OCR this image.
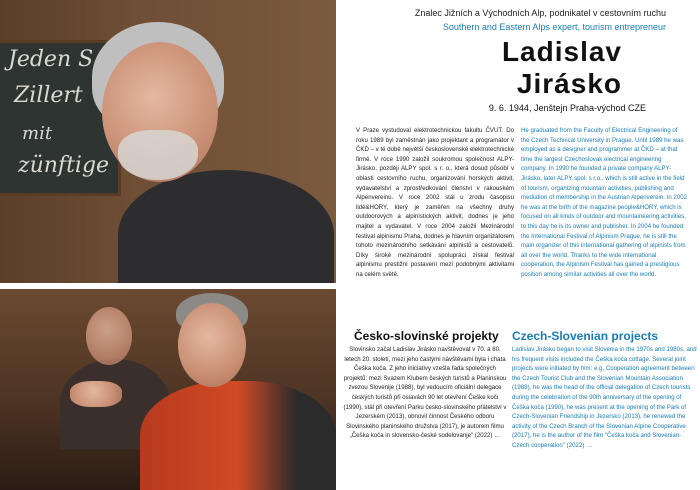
Jeden S
Zillert
mit
zünftige
Znalec Jižních a Východních Alp, podnikatel v cestovním ruchu
Southern and Eastern Alps expert, tourism entrepreneur
Ladislav
Jirásko
9. 6. 1944, Jenštejn Praha-východ CZE
V Praze vystudoval elektrotechnickou fakultu ČVUT. Do roku 1989 byl zaměstnán jako projektant a programátor v ČKD – v té době největší československé elektrotechnické firmě. V roce 1990 založil soukromou společnost ALPY-Jirásko, později ALPY spol. s r. o., která dosud působí v oblasti cestovního ruchu, organizování horských aktivit, vydavatelství a zprostředkování členství v rakouském Alpenvereinu. V roce 2002 stál u zrodu časopisu lidé&HORY, který je zaměřen na všechny druhy outdoorových a alpinistických aktivit, dodnes je jeho majitel a vydavatel. V roce 2004 založil Mezinárodní festival alpinismu Praha, dodnes je hlavním organizátorem tohoto mezinárodního setkávání alpinistů a cestovatelů. Díky široké mezinárodní spolupráci získal festival alpinismu prestižní postavení mezi podobnými aktivitami na celém světě.
He graduated from the Faculty of Electrical Engineering of the Czech Technical University in Prague. Until 1989 he was employed as a designer and programmer at ČKD – at that time the largest Czechoslovak electrical engineering company. In 1990 he founded a private company ALPY-Jirásko, later ALPY spol. s r.o., which is still active in the field of tourism, organizing mountain activities, publishing and mediation of membership in the Austrian Alpenverein. In 2002 he was at the birth of the magazine people&HORY, which is focused on all kinds of outdoor and mountaineering activities, to this day he is its owner and publisher. In 2004 he founded the International Festival of Alpinism Prague, he is still the main organizer of this international gathering of alpinists from all over the world. Thanks to the wide international cooperation, the Alpinism Festival has gained a prestigious position among similar activities all over the world.
Česko-slovinské projekty Czech-Slovenian projects
Slovinsko začal Ladislav Jirásko navštěvovat v 70. a 80. letech 20. století, mezi jeho častými návštěvami byla i chata Češka koča. Z jeho iniciativy vzešla řada společných projektů: mezi Svazem Klubem českých turistů a Planinskou zvezou Slovenije (1988), byl vedoucím oficiální delegace českých turistů při oslavách 90 let otevření Češke koči (1990), stál při otevření Parku česko-slovinského přátelství v Jezerském (2013), obnovil činnost Českého odboru Slovinského planinského družstva (2017), je autorem filmu „Češka koča in slovensko-české sodelovanje" (2022) …
Ladislav Jirásko began to visit Slovenia in the 1970s and 1980s, and his frequent visits included the Češka koča cottage. Several joint projects were initiated by him: e.g. Cooperation agreement between the Czech Tourist Club and the Slovenian Mountain Association (1988), he was the head of the official delegation of Czech tourists during the celebration of the 90th anniversary of the opening of Češka koča (1990), he was present at the opening of the Park of Czech-Slovenian Friendship in Jezersko (2013), he renewed the activity of the Czech Branch of the Slovenian Alpine Cooperative (2017), he is the author of the film "Češka koča and Slovenian-Czech cooperation" (2022) …
